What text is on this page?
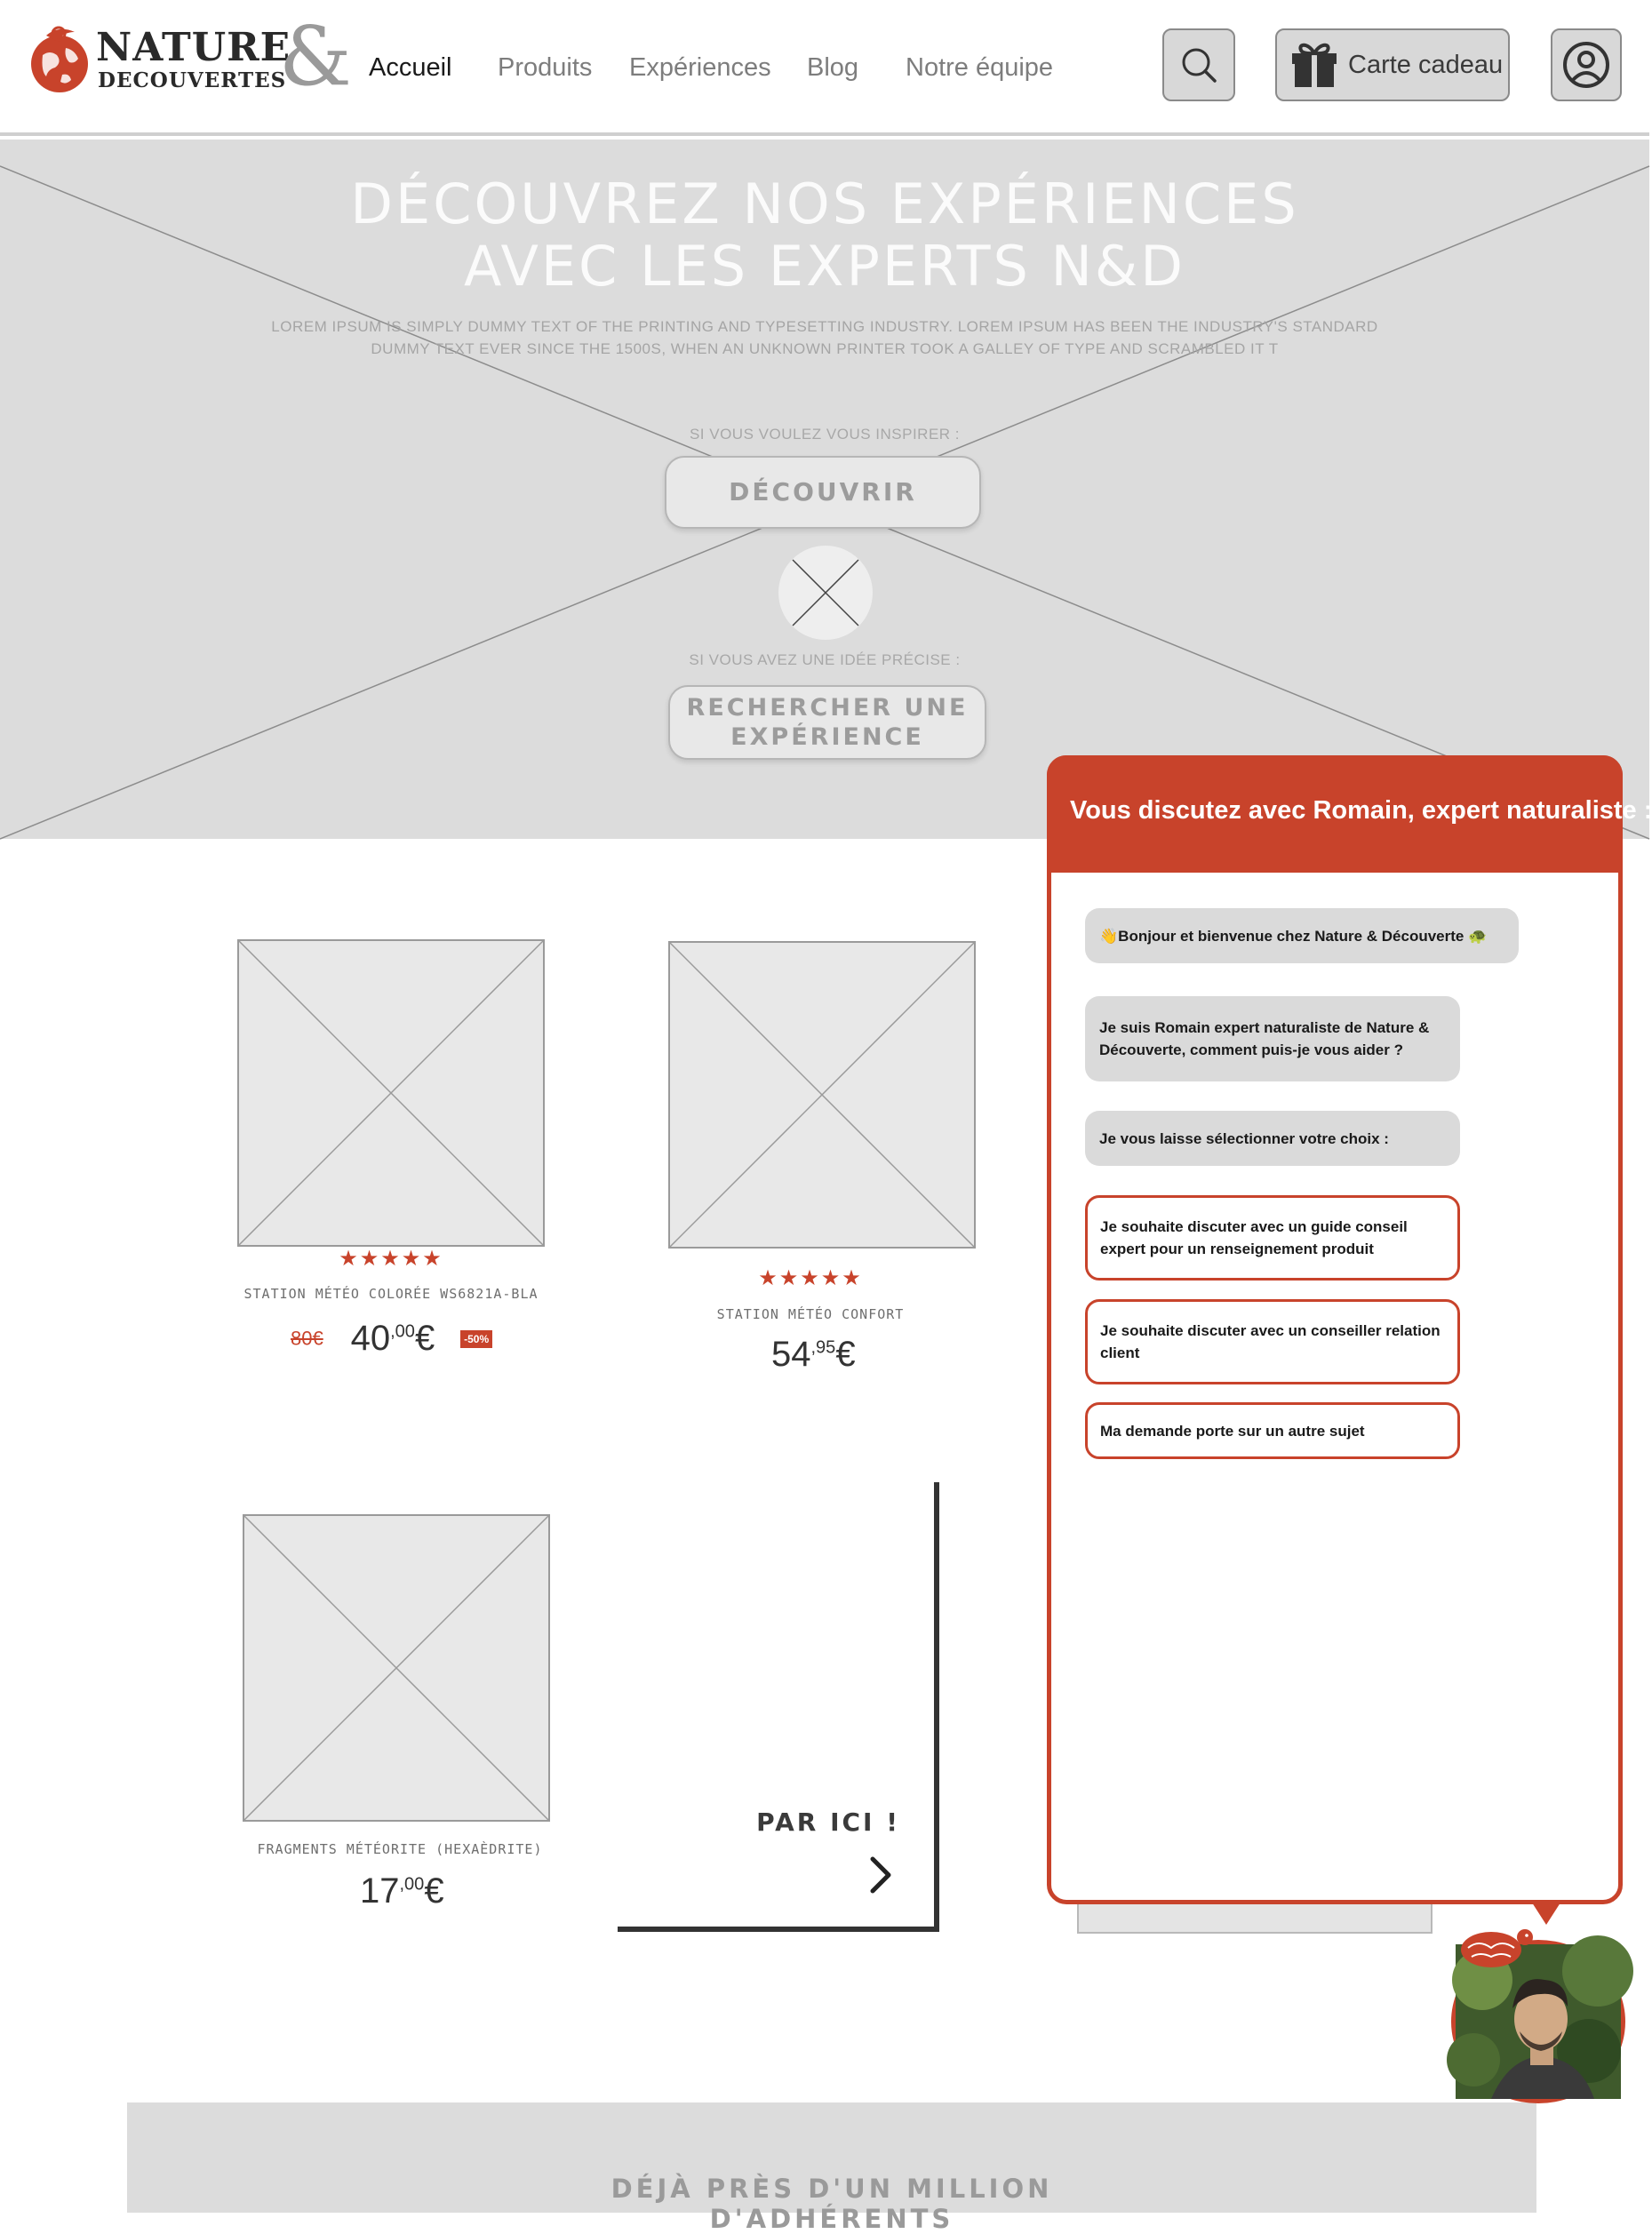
NATURE
DECOUVERTES
& Accueil Produits Expériences Blog Notre équipe	Carte cadeau
DÉCOUVREZ NOS EXPÉRIENCES
AVEC LES EXPERTS N&D
LOREM IPSUM IS SIMPLY DUMMY TEXT OF THE PRINTING AND TYPESETTING INDUSTRY. LOREM IPSUM HAS BEEN THE INDUSTRY'S STANDARD DUMMY TEXT EVER SINCE THE 1500S, WHEN AN UNKNOWN PRINTER TOOK A GALLEY OF TYPE AND SCRAMBLED IT T
SI VOUS VOULEZ VOUS INSPIRER :
DÉCOUVRIR
SI VOUS AVEZ UNE IDÉE PRÉCISE :
RECHERCHER UNE
EXPÉRIENCE
★★★★★
STATION MÉTÉO COLORÉE WS6821A-BLA
80€ 40,00€	-50%
★★★★★
STATION MÉTÉO CONFORT
54,95€
FRAGMENTS MÉTÉORITE (HEXAÈDRITE)
17,00€
PAR ICI !
DÉJÀ PRÈS D'UN MILLION
D'ADHÉRENTS
Vous discutez avec Romain, expert naturaliste :
👋Bonjour et bienvenue chez Nature & Découverte 🐢
Je suis Romain expert naturaliste de Nature & Découverte, comment puis-je vous aider ?
Je vous laisse sélectionner votre choix :
Je souhaite discuter avec un guide conseil expert pour un renseignement produit
Je souhaite discuter avec un conseiller relation client
Ma demande porte sur un autre sujet
